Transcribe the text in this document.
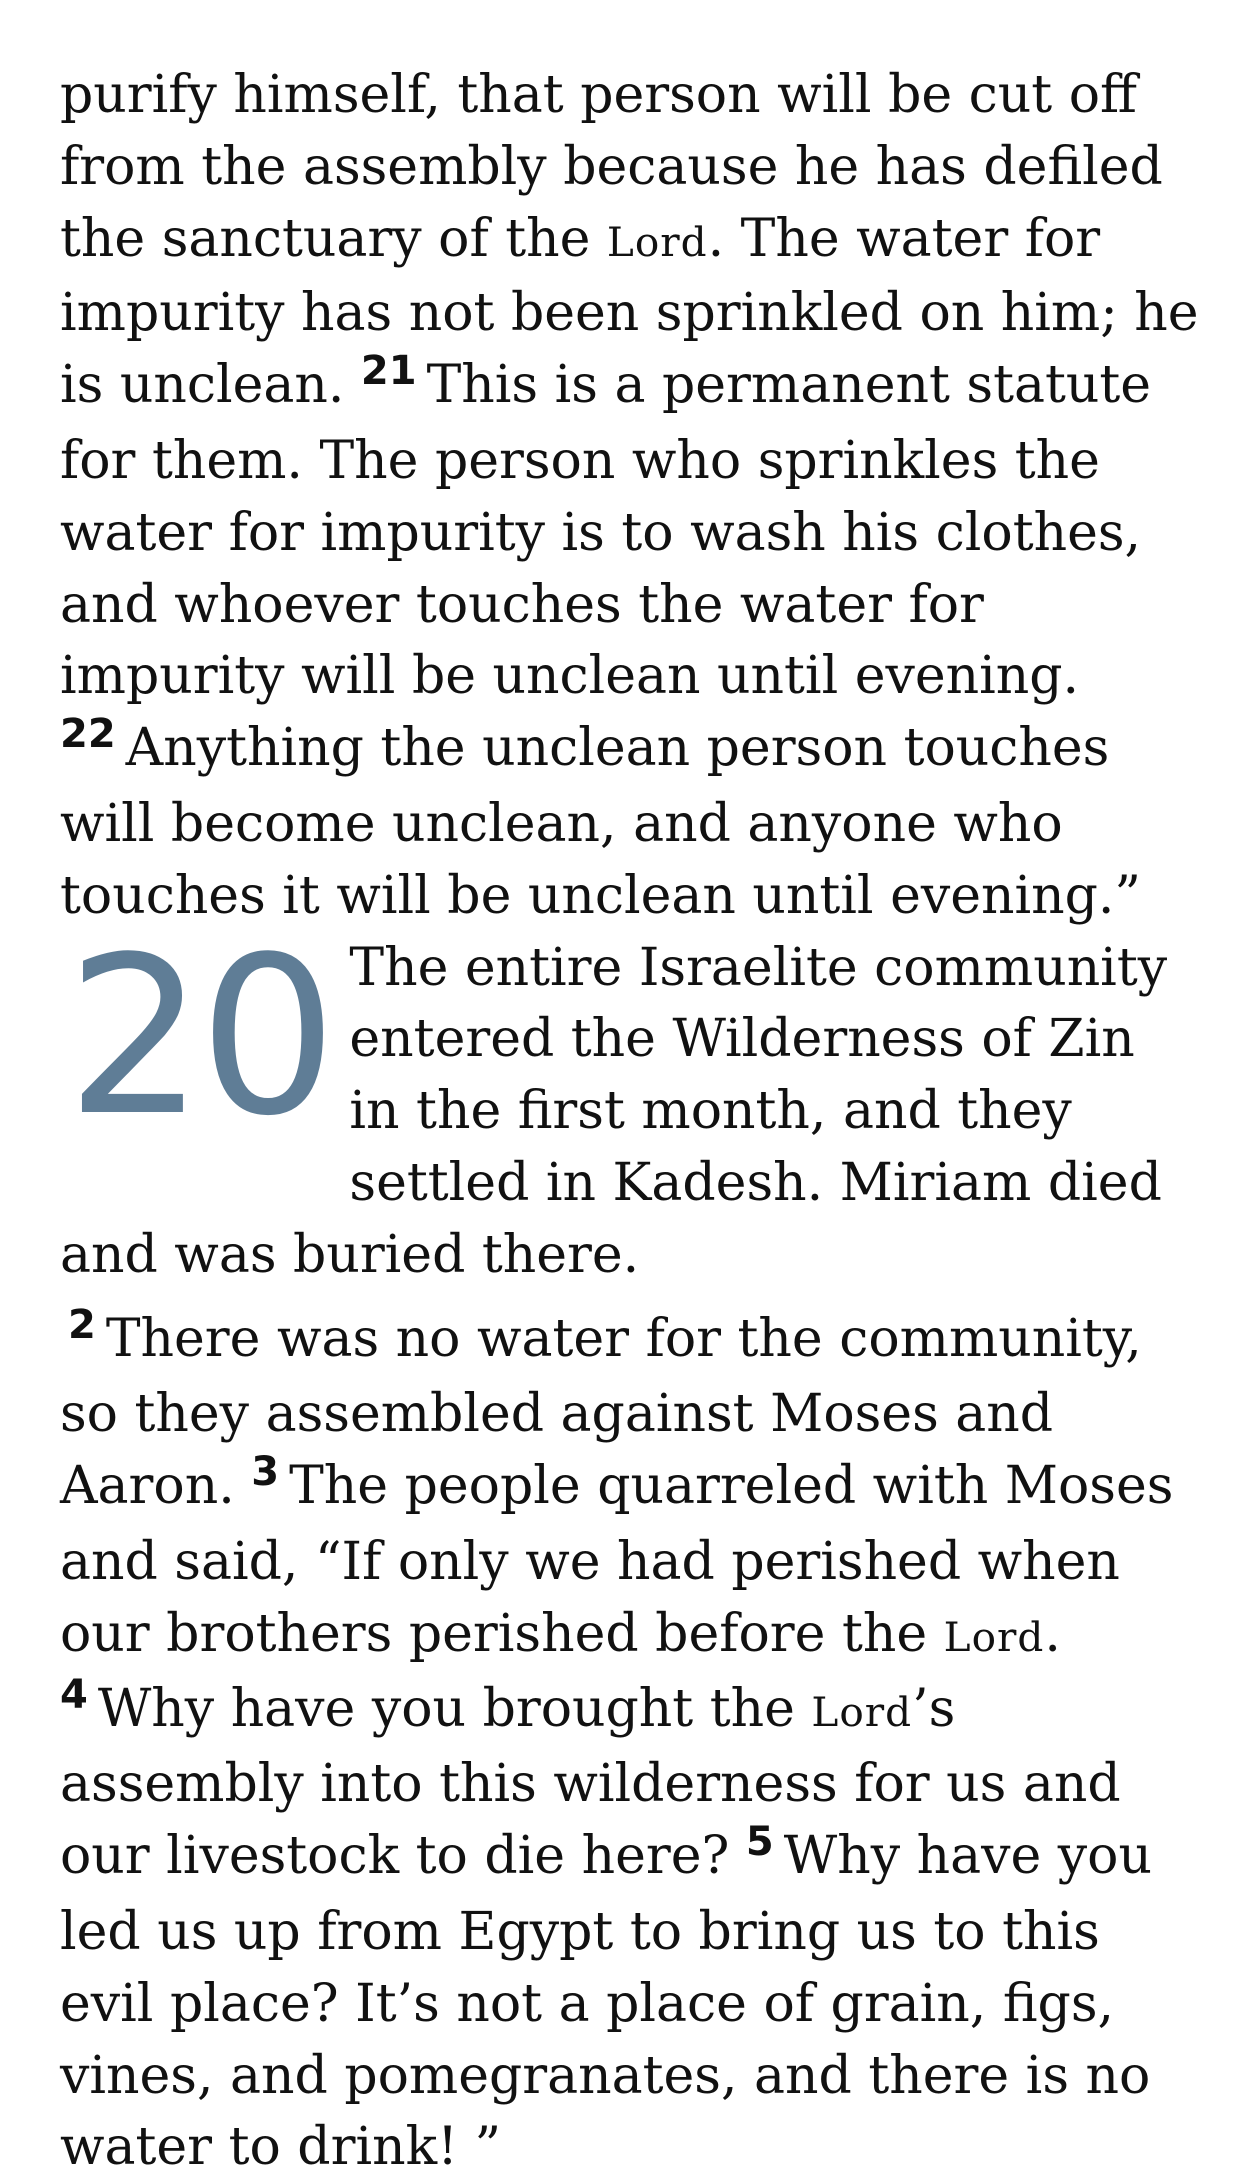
purify himself, that person will be cut off from the assembly because he has defiled the sanctuary of the Lord. The water for impurity has not been sprinkled on him; he is unclean. $^{21}$ This is a permanent statute for them. The person who sprinkles the water for impurity is to wash his clothes, and whoever touches the water for impurity will be unclean until evening. $^{22}$ Anything the unclean person touches will become unclean, and anyone who touches it will be unclean until evening.”

20 The entire Israelite community entered the Wilderness of Zin in the first month, and they settled in Kadesh. Miriam died and was buried there.

$^2$ There was no water for the community, so they assembled against Moses and Aaron. $^3$ The people quarreled with Moses and said, “If only we had perished when our brothers perished before the Lord. $^4$ Why have you brought the Lord’s assembly into this wilderness for us and our livestock to die here? $^5$ Why have you led us up from Egypt to bring us to this evil place? It’s not a place of grain, figs, vines, and pomegranates, and there is no water to drink! ”
